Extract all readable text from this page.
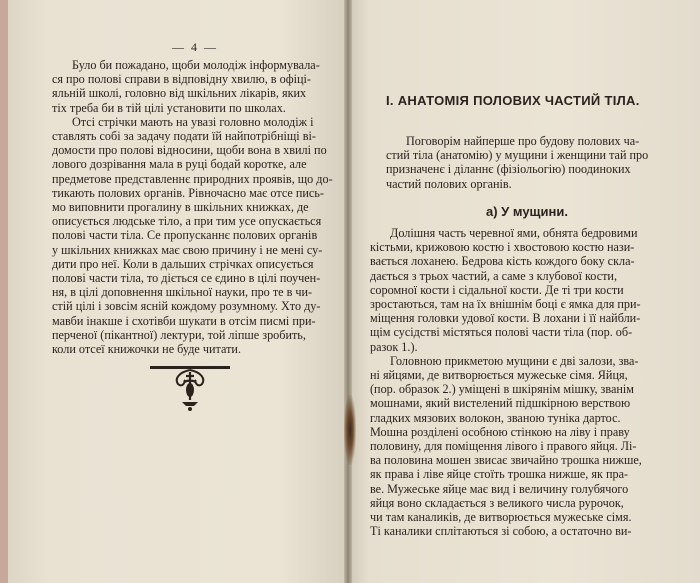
— 4 —
Було би пожадано, щоби молодіж інформувала-
ся про полові справи в відповідну хвилю, в офіці-
яльній школі, головно від шкільних лікарів, яких
тіх треба би в тій цілі установити по школах.
Отсі стрічки мають на увазі головно молодіж і
ставлять собі за задачу подати їй найпотрібніщі ві-
домости про полові відносини, щоби вона в хвилі по
лового дозрівання мала в руці бодай коротке, але
предметове представленнє природних проявів, що до-
тикають полових органів. Рівночасно має отсе пись-
мо виповнити прогалину в шкільних книжках, де
описується людське тіло, а при тим усе опускається
полові части тіла. Се пропусканнє полових органів
у шкільних книжках має свою причину і не мені су-
дити про неї. Коли в дальших стрічках описується
полові части тіла, то діється се єдино в цілі поучен-
ня, в цілі доповнення шкільної науки, про те в чи-
стій цілі і зовсім ясній кождому розумному. Хто ду-
мавби інакше і схотівби шукати в отсім писмі при-
перченої (пікантної) лектури, той ліпше зробить,
коли отсеї книжочки не буде читати.
І. АНАТОМІЯ ПОЛОВИХ ЧАСТИЙ ТІЛА.
Поговорім найперше про будову полових ча-
стий тіла (анатомію) у мущини і женщини тай про
призначенє і діланнє (фізіольогію) поодиноких
частий полових органів.
а) У мущини.
Долішня часть черевної ями, обнята бедровими
кістьми, крижовою костю і хвостовою костю нази-
вається лоханею. Бедрова кість кождого боку скла-
дається з трьох частий, а саме з клубової кости,
соромної кости і сідальної кости. Де ті три кости
зростаються, там на їх внішнім боці є ямка для при-
міщення головки удової кости. В лохани і її найбли-
щім сусідстві містяться полові части тіла (пор. об-
разок 1.).
Головною прикметою мущини є дві залози, зва-
ні яйцями, де витворюється мужеське сімя. Яйця,
(пор. образок 2.) уміщені в шкірянім мішку, званім
мошнами, який вистелений підшкірною верствою
гладких мязових волокон, званою туніка дартос.
Мошна розділені особною стінкою на ліву і праву
половину, для поміщення лівого і правого яйця. Лі-
ва половина мошен звисає звичайно трошка нижше,
як права і ліве яйце стоїть трошка нижше, як пра-
ве. Мужеське яйце має вид і величину голубячого
яйця воно складається з великого числа рурочок,
чи там каналиків, де витворюється мужеське сімя.
Ті каналики сплітаються зі собою, а остаточно ви-
